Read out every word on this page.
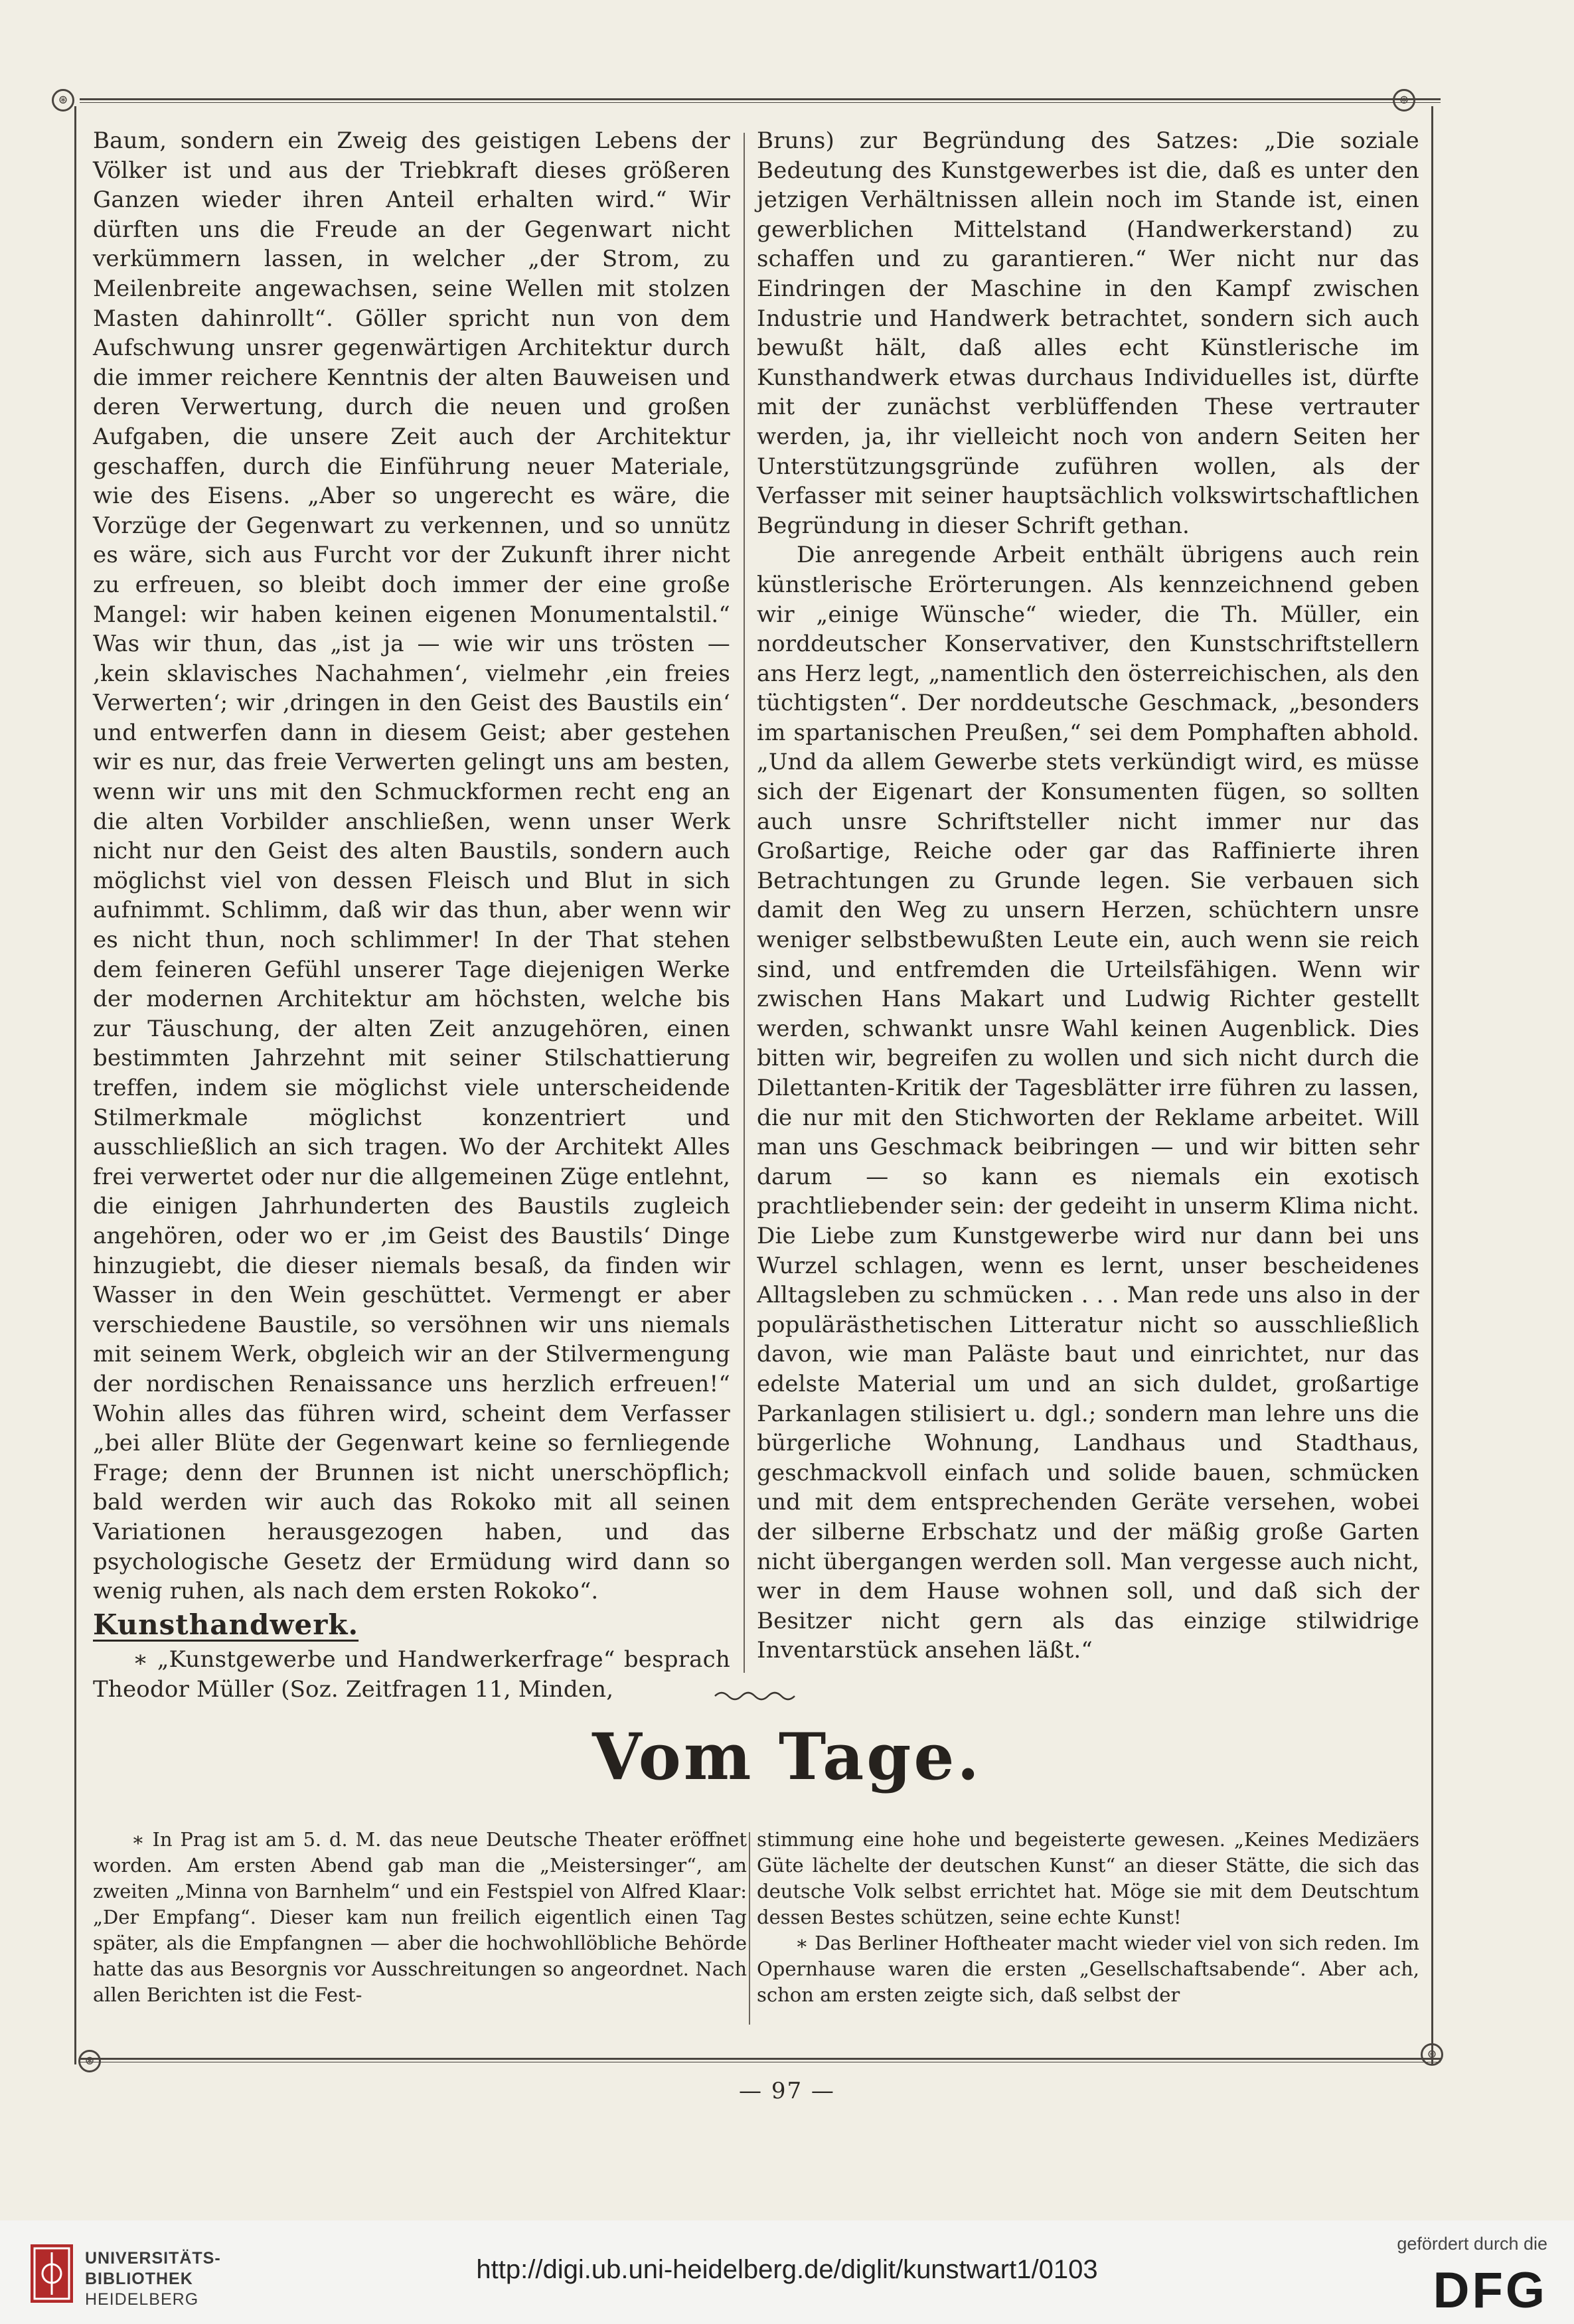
⊛	⊛
⊛	⊛

Baum, sondern ein Zweig des geistigen Lebens der Völker ist und aus der Triebkraft dieses größeren Ganzen wieder ihren Anteil erhalten wird.“ Wir dürften uns die Freude an der Gegenwart nicht verkümmern lassen, in welcher „der Strom, zu Meilenbreite angewachsen, seine Wellen mit stolzen Masten dahinrollt“. Göller spricht nun von dem Aufschwung unsrer gegenwärtigen Architektur durch die immer reichere Kenntnis der alten Bauweisen und deren Verwertung, durch die neuen und großen Aufgaben, die unsere Zeit auch der Architektur geschaffen, durch die Einführung neuer Materiale, wie des Eisens. „Aber so ungerecht es wäre, die Vorzüge der Gegenwart zu verkennen, und so unnütz es wäre, sich aus Furcht vor der Zukunft ihrer nicht zu erfreuen, so bleibt doch immer der eine große Mangel: wir haben keinen eigenen Monumentalstil.“ Was wir thun, das „ist ja — wie wir uns trösten — ‚kein sklavisches Nachahmen‘, vielmehr ‚ein freies Verwerten‘; wir ‚dringen in den Geist des Baustils ein‘ und entwerfen dann in diesem Geist; aber gestehen wir es nur, das freie Verwerten gelingt uns am besten, wenn wir uns mit den Schmuckformen recht eng an die alten Vorbilder anschließen, wenn unser Werk nicht nur den Geist des alten Baustils, sondern auch möglichst viel von dessen Fleisch und Blut in sich aufnimmt. Schlimm, daß wir das thun, aber wenn wir es nicht thun, noch schlimmer! In der That stehen dem feineren Gefühl unserer Tage diejenigen Werke der modernen Architektur am höchsten, welche bis zur Täuschung, der alten Zeit anzugehören, einen bestimmten Jahrzehnt mit seiner Stilschattierung treffen, indem sie möglichst viele unterscheidende Stilmerkmale möglichst konzentriert und ausschließlich an sich tragen. Wo der Architekt Alles frei verwertet oder nur die allgemeinen Züge entlehnt, die einigen Jahrhunderten des Baustils zugleich angehören, oder wo er ‚im Geist des Baustils‘ Dinge hinzugiebt, die dieser niemals besaß, da finden wir Wasser in den Wein geschüttet. Vermengt er aber verschiedene Baustile, so versöhnen wir uns niemals mit seinem Werk, obgleich wir an der Stilvermengung der nordischen Renaissance uns herzlich erfreuen!“ Wohin alles das führen wird, scheint dem Verfasser „bei aller Blüte der Gegenwart keine so fernliegende Frage; denn der Brunnen ist nicht unerschöpflich; bald werden wir auch das Rokoko mit all seinen Variationen herausgezogen haben, und das psychologische Gesetz der Ermüdung wird dann so wenig ruhen, als nach dem ersten Rokoko“.

Kunsthandwerk.

∗ „Kunstgewerbe und Handwerkerfrage“ besprach Theodor Müller (Soz. Zeitfragen 11, Minden,

Bruns) zur Begründung des Satzes: „Die soziale Bedeutung des Kunstgewerbes ist die, daß es unter den jetzigen Verhältnissen allein noch im Stande ist, einen gewerblichen Mittelstand (Handwerkerstand) zu schaffen und zu garantieren.“ Wer nicht nur das Eindringen der Maschine in den Kampf zwischen Industrie und Handwerk betrachtet, sondern sich auch bewußt hält, daß alles echt Künstlerische im Kunsthandwerk etwas durchaus Individuelles ist, dürfte mit der zunächst verblüffenden These vertrauter werden, ja, ihr vielleicht noch von andern Seiten her Unterstützungsgründe zuführen wollen, als der Verfasser mit seiner hauptsächlich volkswirtschaftlichen Begründung in dieser Schrift gethan.

Die anregende Arbeit enthält übrigens auch rein künstlerische Erörterungen. Als kennzeichnend geben wir „einige Wünsche“ wieder, die Th. Müller, ein norddeutscher Konservativer, den Kunstschriftstellern ans Herz legt, „namentlich den österreichischen, als den tüchtigsten“. Der norddeutsche Geschmack, „besonders im spartanischen Preußen,“ sei dem Pomphaften abhold. „Und da allem Gewerbe stets verkündigt wird, es müsse sich der Eigenart der Konsumenten fügen, so sollten auch unsre Schriftsteller nicht immer nur das Großartige, Reiche oder gar das Raffinierte ihren Betrachtungen zu Grunde legen. Sie verbauen sich damit den Weg zu unsern Herzen, schüchtern unsre weniger selbstbewußten Leute ein, auch wenn sie reich sind, und entfremden die Urteilsfähigen. Wenn wir zwischen Hans Makart und Ludwig Richter gestellt werden, schwankt unsre Wahl keinen Augenblick. Dies bitten wir, begreifen zu wollen und sich nicht durch die Dilettanten-Kritik der Tagesblätter irre führen zu lassen, die nur mit den Stichworten der Reklame arbeitet. Will man uns Geschmack beibringen — und wir bitten sehr darum — so kann es niemals ein exotisch prachtliebender sein: der gedeiht in unserm Klima nicht. Die Liebe zum Kunstgewerbe wird nur dann bei uns Wurzel schlagen, wenn es lernt, unser bescheidenes Alltagsleben zu schmücken . . . Man rede uns also in der populärästhetischen Litteratur nicht so ausschließlich davon, wie man Paläste baut und einrichtet, nur das edelste Material um und an sich duldet, großartige Parkanlagen stilisiert u. dgl.; sondern man lehre uns die bürgerliche Wohnung, Landhaus und Stadthaus, geschmackvoll einfach und solide bauen, schmücken und mit dem entsprechenden Geräte versehen, wobei der silberne Erbschatz und der mäßig große Garten nicht übergangen werden soll. Man vergesse auch nicht, wer in dem Hause wohnen soll, und daß sich der Besitzer nicht gern als das einzige stilwidrige Inventarstück ansehen läßt.“

Vom Tage.

∗ In Prag ist am 5. d. M. das neue Deutsche Theater eröffnet worden. Am ersten Abend gab man die „Meistersinger“, am zweiten „Minna von Barnhelm“ und ein Festspiel von Alfred Klaar: „Der Empfang“. Dieser kam nun freilich eigentlich einen Tag später, als die Empfangnen — aber die hochwohllöbliche Behörde hatte das aus Besorgnis vor Ausschreitungen so angeordnet. Nach allen Berichten ist die Fest-

stimmung eine hohe und begeisterte gewesen. „Keines Medizäers Güte lächelte der deutschen Kunst“ an dieser Stätte, die sich das deutsche Volk selbst errichtet hat. Möge sie mit dem Deutschtum dessen Bestes schützen, seine echte Kunst!

∗ Das Berliner Hoftheater macht wieder viel von sich reden. Im Opernhause waren die ersten „Gesellschaftsabende“. Aber ach, schon am ersten zeigte sich, daß selbst der

— 97 —
UNIVERSITÄTS-
BIBLIOTHEK
HEIDELBERG
http://digi.ub.uni-heidelberg.de/diglit/kunstwart1/0103
gefördert durch die
DFG
